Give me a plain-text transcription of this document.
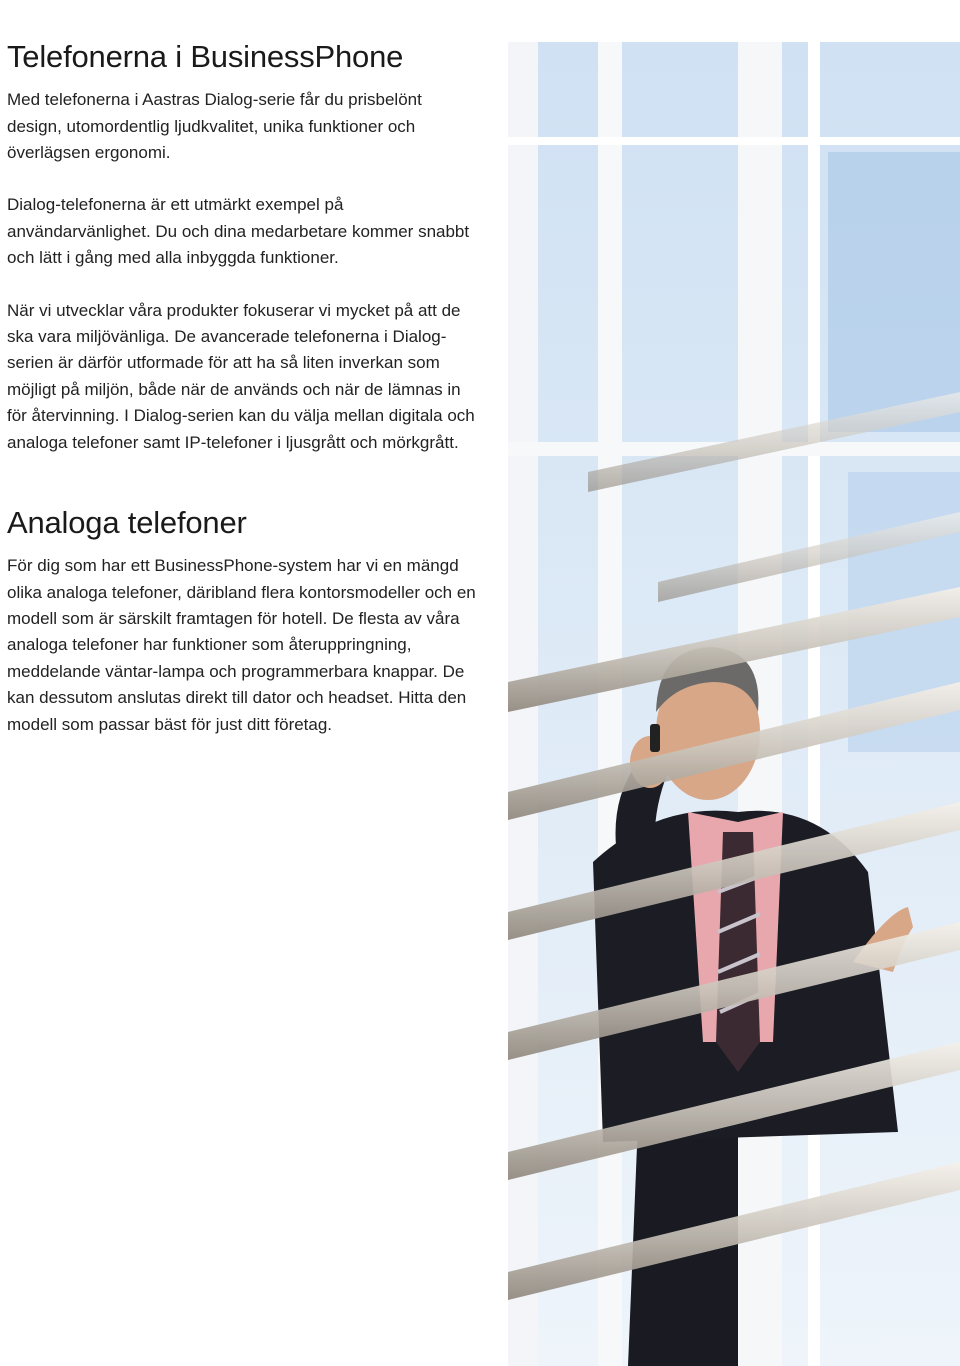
Telefonerna i BusinessPhone

Med telefonerna i Aastras Dialog-serie får du prisbelönt design, utomordentlig ljudkvalitet, unika funktioner och överlägsen ergonomi.

Dialog-telefonerna är ett utmärkt exempel på användarvänlighet. Du och dina medarbetare kommer snabbt och lätt i gång med alla inbyggda funktioner.

När vi utvecklar våra produkter fokuserar vi mycket på att de ska vara miljövänliga. De avancerade telefonerna i Dialog-serien är därför utformade för att ha så liten inverkan som möjligt på miljön, både när de används och när de lämnas in för återvinning. I Dialog-serien kan du välja mellan digitala och analoga telefoner samt IP-telefoner i ljusgrått och mörkgrått.

Analoga telefoner

För dig som har ett BusinessPhone-system har vi en mängd olika analoga telefoner, däribland flera kontorsmodeller och en modell som är särskilt framtagen för hotell. De flesta av våra analoga telefoner har funktioner som återuppringning, meddelande väntar-lampa och programmerbara knappar. De kan dessutom anslutas direkt till dator och headset. Hitta den modell som passar bäst för just ditt företag.
